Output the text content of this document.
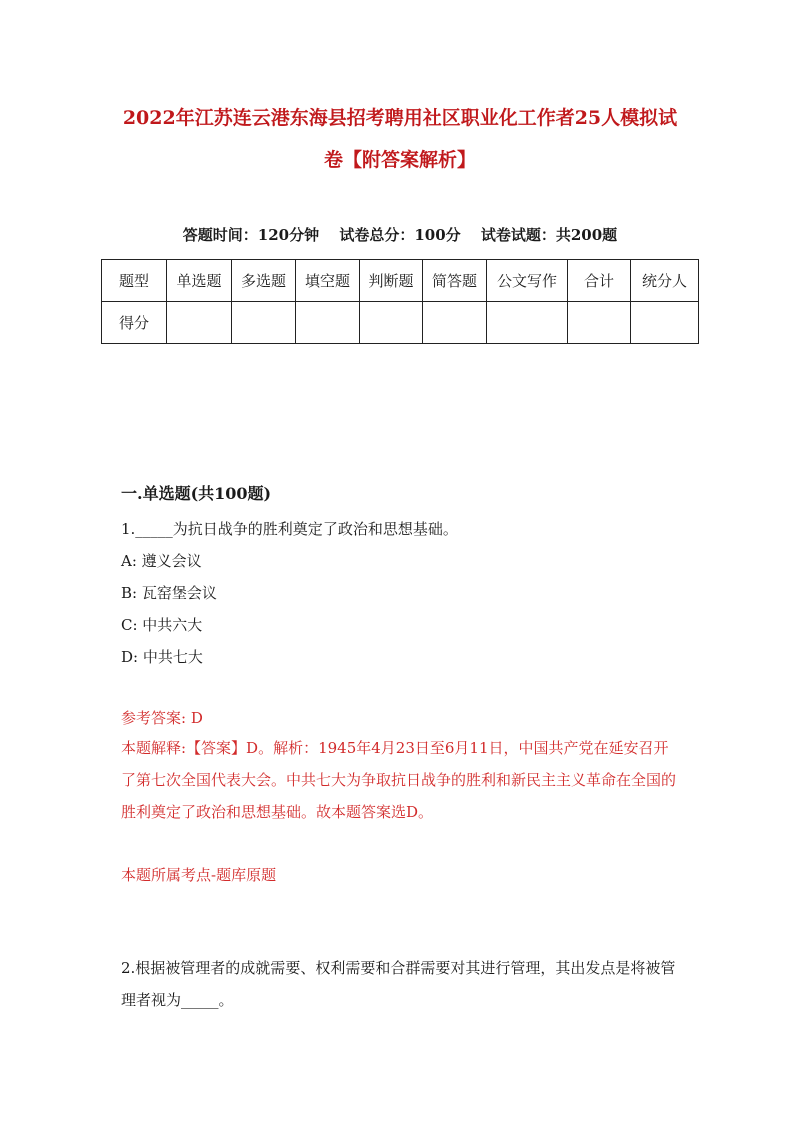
2022年江苏连云港东海县招考聘用社区职业化工作者25人模拟试
卷【附答案解析】
答题时间：120分钟　 试卷总分：100分　 试卷试题：共200题
题型	单选题	多选题	填空题	判断题	简答题	公文写作	合计	统分人
得分								
一.单选题(共100题)
1._____为抗日战争的胜利奠定了政治和思想基础。
A: 遵义会议
B: 瓦窑堡会议
C: 中共六大
D: 中共七大
参考答案: D
本题解释:【答案】D。解析：1945年4月23日至6月11日，中国共产党在延安召开了第七次全国代表大会。中共七大为争取抗日战争的胜利和新民主主义革命在全国的胜利奠定了政治和思想基础。故本题答案选D。
本题所属考点-题库原题
2.根据被管理者的成就需要、权利需要和合群需要对其进行管理，其出发点是将被管理者视为_____。
